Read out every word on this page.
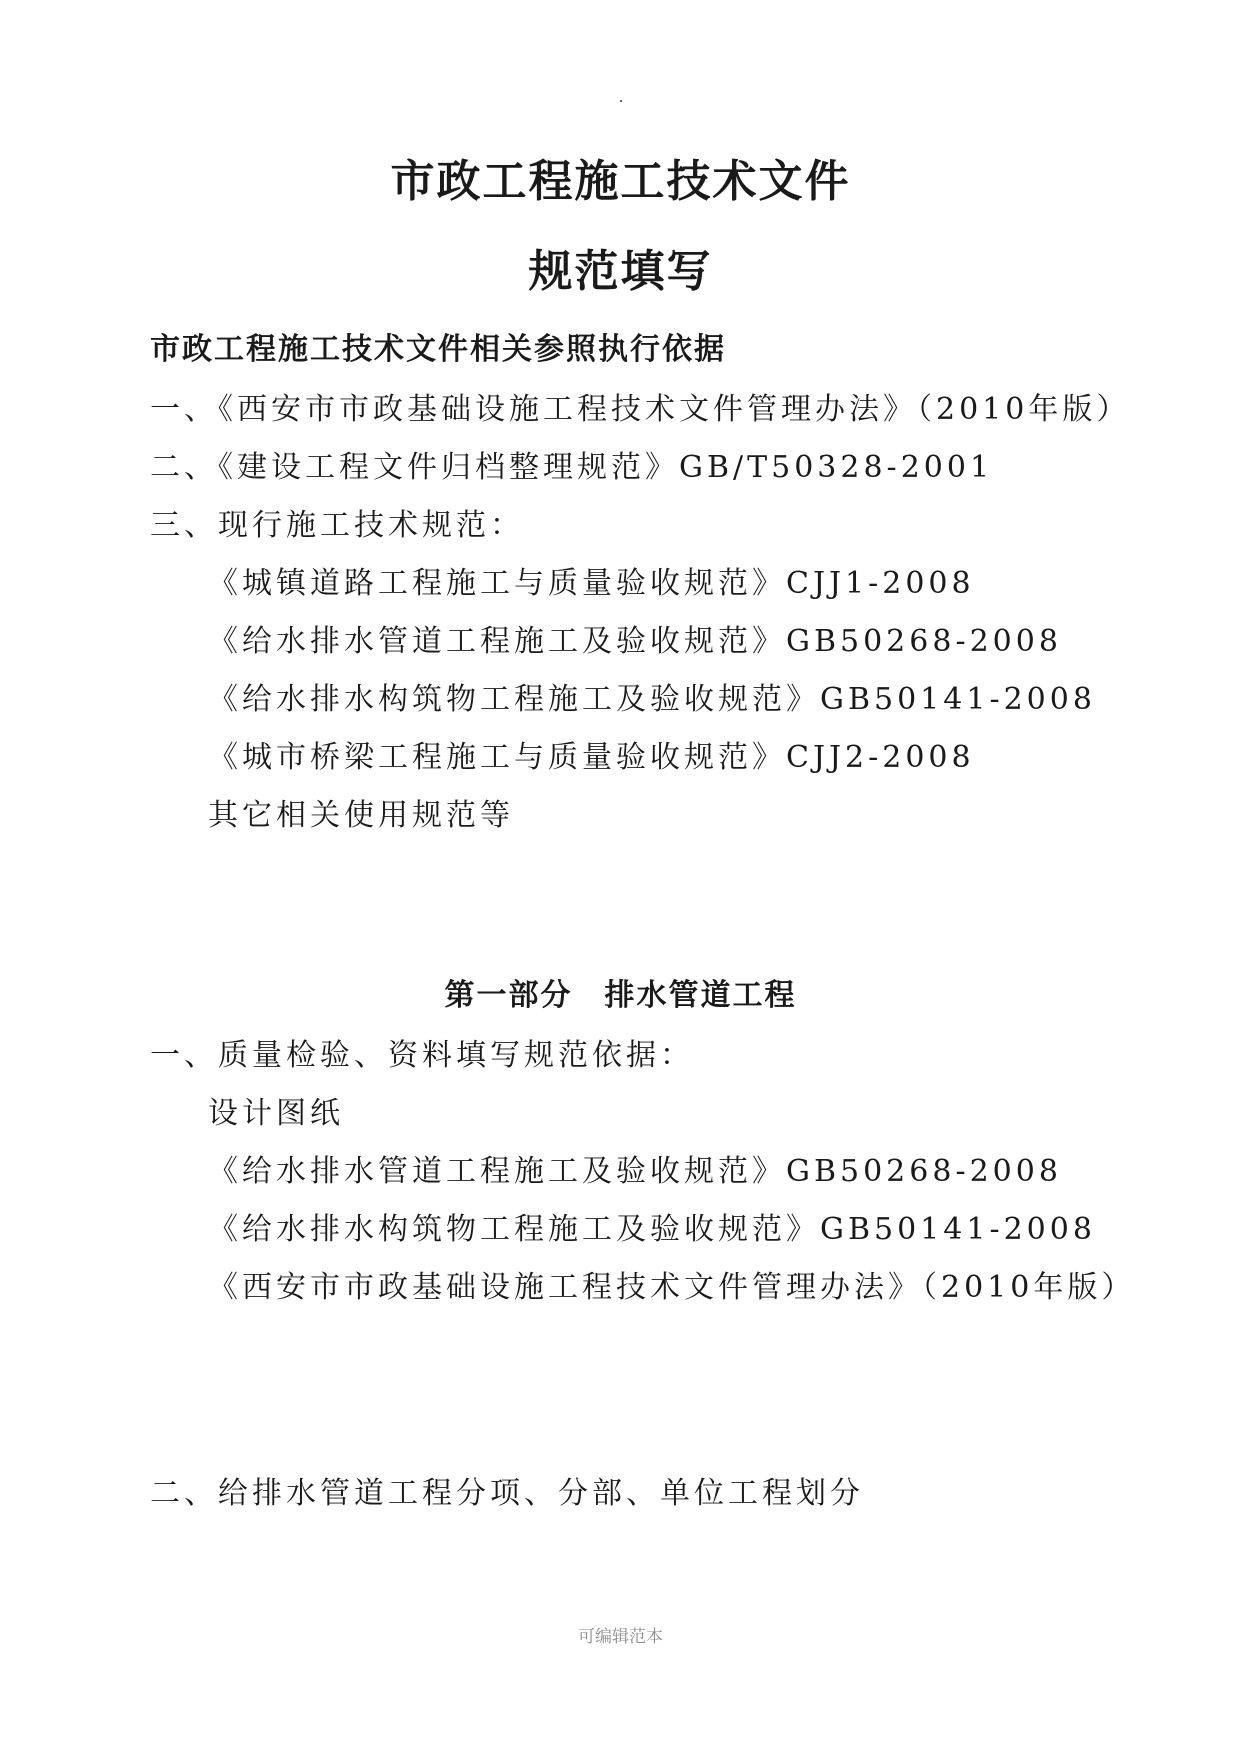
市政工程施工技术文件
规范填写
市政工程施工技术文件相关参照执行依据
一、《西安市市政基础设施工程技术文件管理办法》（2010年版）
二、《建设工程文件归档整理规范》GB/T50328-2001
三、现行施工技术规范：
《城镇道路工程施工与质量验收规范》CJJ1-2008
《给水排水管道工程施工及验收规范》GB50268-2008
《给水排水构筑物工程施工及验收规范》GB50141-2008
《城市桥梁工程施工与质量验收规范》CJJ2-2008
其它相关使用规范等
第一部分　排水管道工程
一、质量检验、资料填写规范依据：
设计图纸
《给水排水管道工程施工及验收规范》GB50268-2008
《给水排水构筑物工程施工及验收规范》GB50141-2008
《西安市市政基础设施工程技术文件管理办法》（2010年版）
二、给排水管道工程分项、分部、单位工程划分
可编辑范本
